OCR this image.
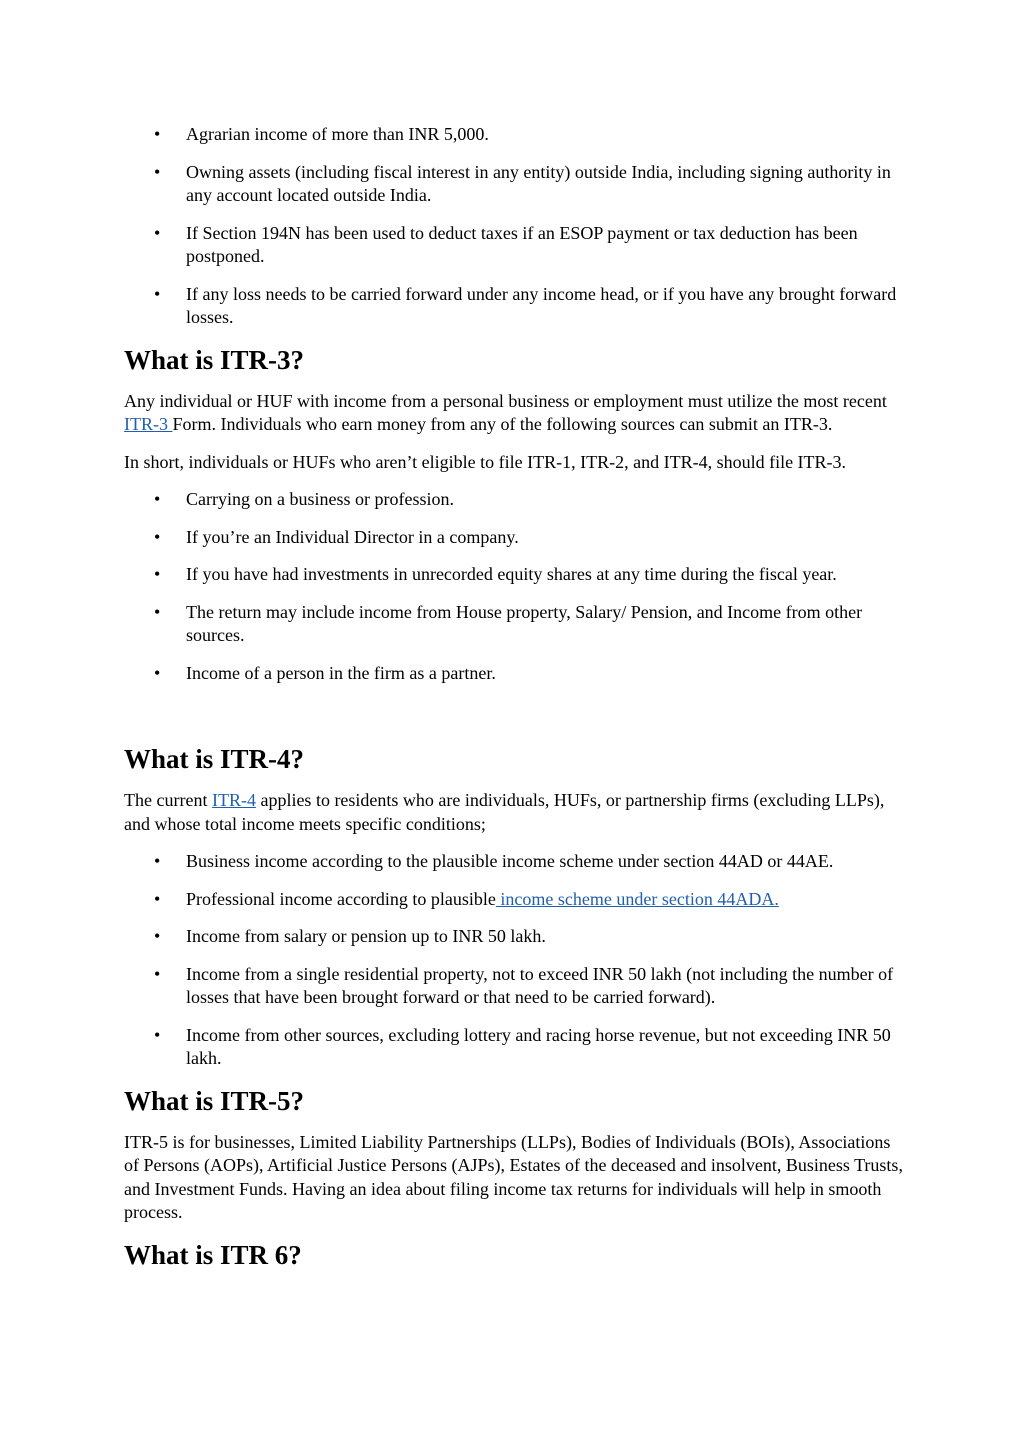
• Agrarian income of more than INR 5,000.
• Owning assets (including fiscal interest in any entity) outside India, including signing authority in any account located outside India.
• If Section 194N has been used to deduct taxes if an ESOP payment or tax deduction has been postponed.
• If any loss needs to be carried forward under any income head, or if you have any brought forward losses.
What is ITR-3?

Any individual or HUF with income from a personal business or employment must utilize the most recent ITR-3 Form. Individuals who earn money from any of the following sources can submit an ITR-3.

In short, individuals or HUFs who aren’t eligible to file ITR-1, ITR-2, and ITR-4, should file ITR-3.

• Carrying on a business or profession.
• If you’re an Individual Director in a company.
• If you have had investments in unrecorded equity shares at any time during the fiscal year.
• The return may include income from House property, Salary/ Pension, and Income from other sources.
• Income of a person in the firm as a partner.
What is ITR-4?

The current ITR-4 applies to residents who are individuals, HUFs, or partnership firms (excluding LLPs), and whose total income meets specific conditions;

• Business income according to the plausible income scheme under section 44AD or 44AE.
• Professional income according to plausible income scheme under section 44ADA.
• Income from salary or pension up to INR 50 lakh.
• Income from a single residential property, not to exceed INR 50 lakh (not including the number of losses that have been brought forward or that need to be carried forward).
• Income from other sources, excluding lottery and racing horse revenue, but not exceeding INR 50 lakh.
What is ITR-5?

ITR-5 is for businesses, Limited Liability Partnerships (LLPs), Bodies of Individuals (BOIs), Associations of Persons (AOPs), Artificial Justice Persons (AJPs), Estates of the deceased and insolvent, Business Trusts, and Investment Funds. Having an idea about filing income tax returns for individuals will help in smooth process.

What is ITR 6?
